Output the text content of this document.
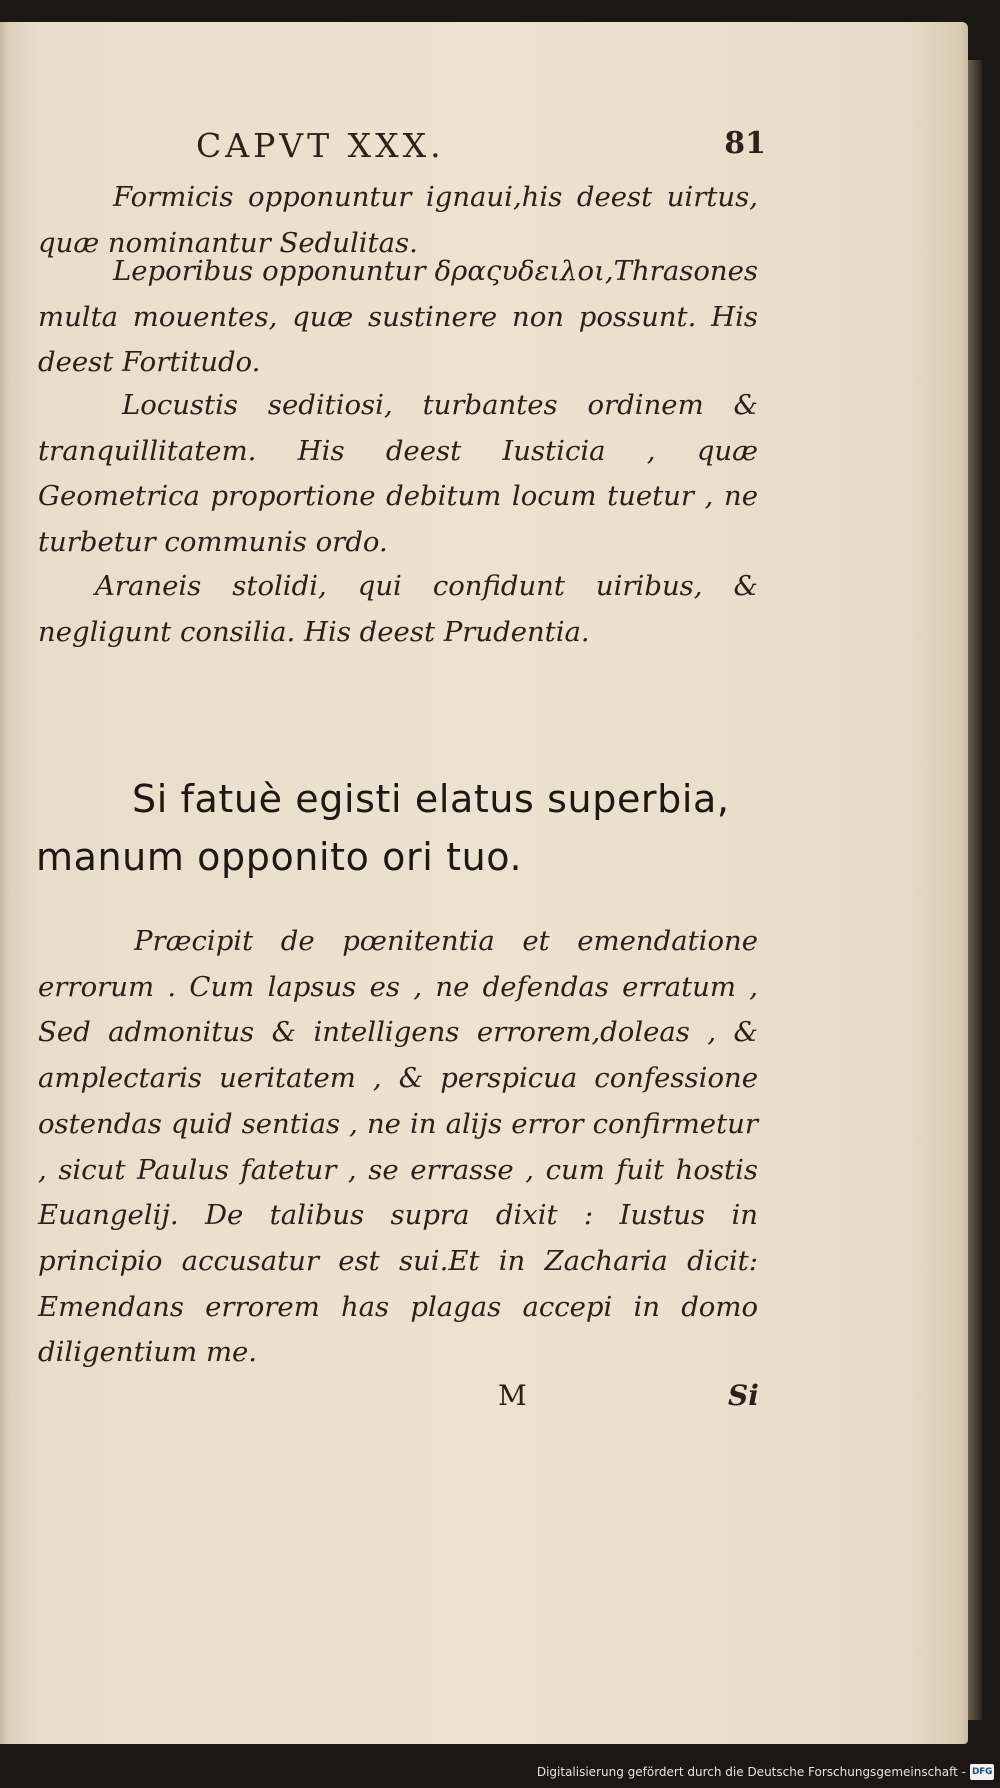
CAPVT XXX.	81

Formicis opponuntur ignaui,his deest uirtus, quæ nominantur Sedulitas.

Leporibus opponuntur δραςυδειλοι,Thrasones multa mouentes, quæ sustinere non possunt. His deest Fortitudo.

Locustis seditiosi, turbantes ordinem & tranquillitatem. His deest Iusticia , quæ Geometrica proportione debitum locum tuetur , ne turbetur communis ordo.

Araneis stolidi, qui confidunt uiribus, & negligunt consilia. His deest Prudentia.

Si fatuè egisti elatus superbia, manum opponito ori tuo.

Præcipit de pœnitentia et emendatione errorum . Cum lapsus es , ne defendas erratum , Sed admonitus & intelligens errorem,doleas , & amplectaris ueritatem , & perspicua confessione ostendas quid sentias , ne in alijs error confirmetur , sicut Paulus fatetur , se errasse , cum fuit hostis Euangelij. De talibus supra dixit : Iustus in principio accusatur est sui.Et in Zacharia dicit: Emendans errorem has plagas accepi in domo diligentium me.

M	Si
Digitalisierung gefördert durch die Deutsche Forschungsgemeinschaft - DFG
